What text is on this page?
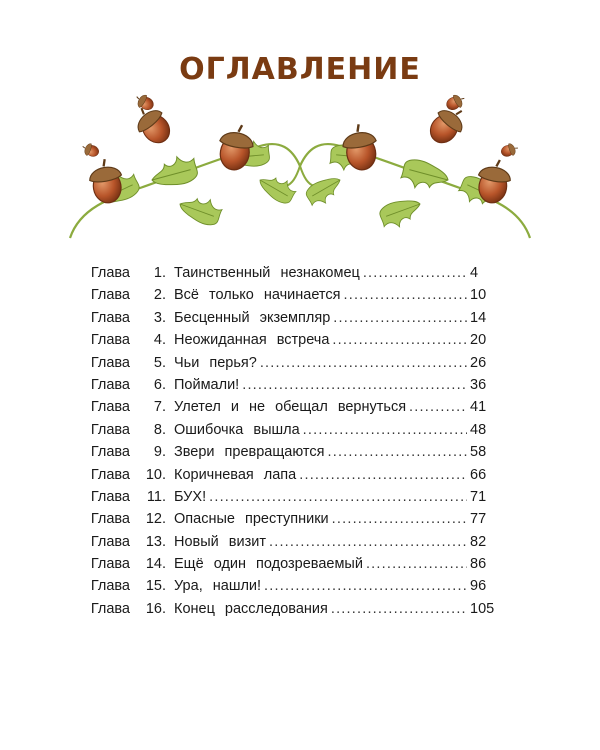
ОГЛАВЛЕНИЕ
Глава	1. Таинственный незнакомец .....	4
Глава	2. Всё только начинается .....	10
Глава	3. Бесценный экземпляр .....	14
Глава	4. Неожиданная встреча .....	20
Глава	5. Чьи перья? .....	26
Глава	6. Поймали! .....	36
Глава	7. Улетел и не обещал вернуться .....	41
Глава	8. Ошибочка вышла .....	48
Глава	9. Звери превращаются .....	58
Глава	10. Коричневая лапа .....	66
Глава	11. БУХ! .....	71
Глава	12. Опасные преступники .....	77
Глава	13. Новый визит .....	82
Глава	14. Ещё один подозреваемый .....	86
Глава	15. Ура, нашли! .....	96
Глава	16. Конец расследования .....	105
